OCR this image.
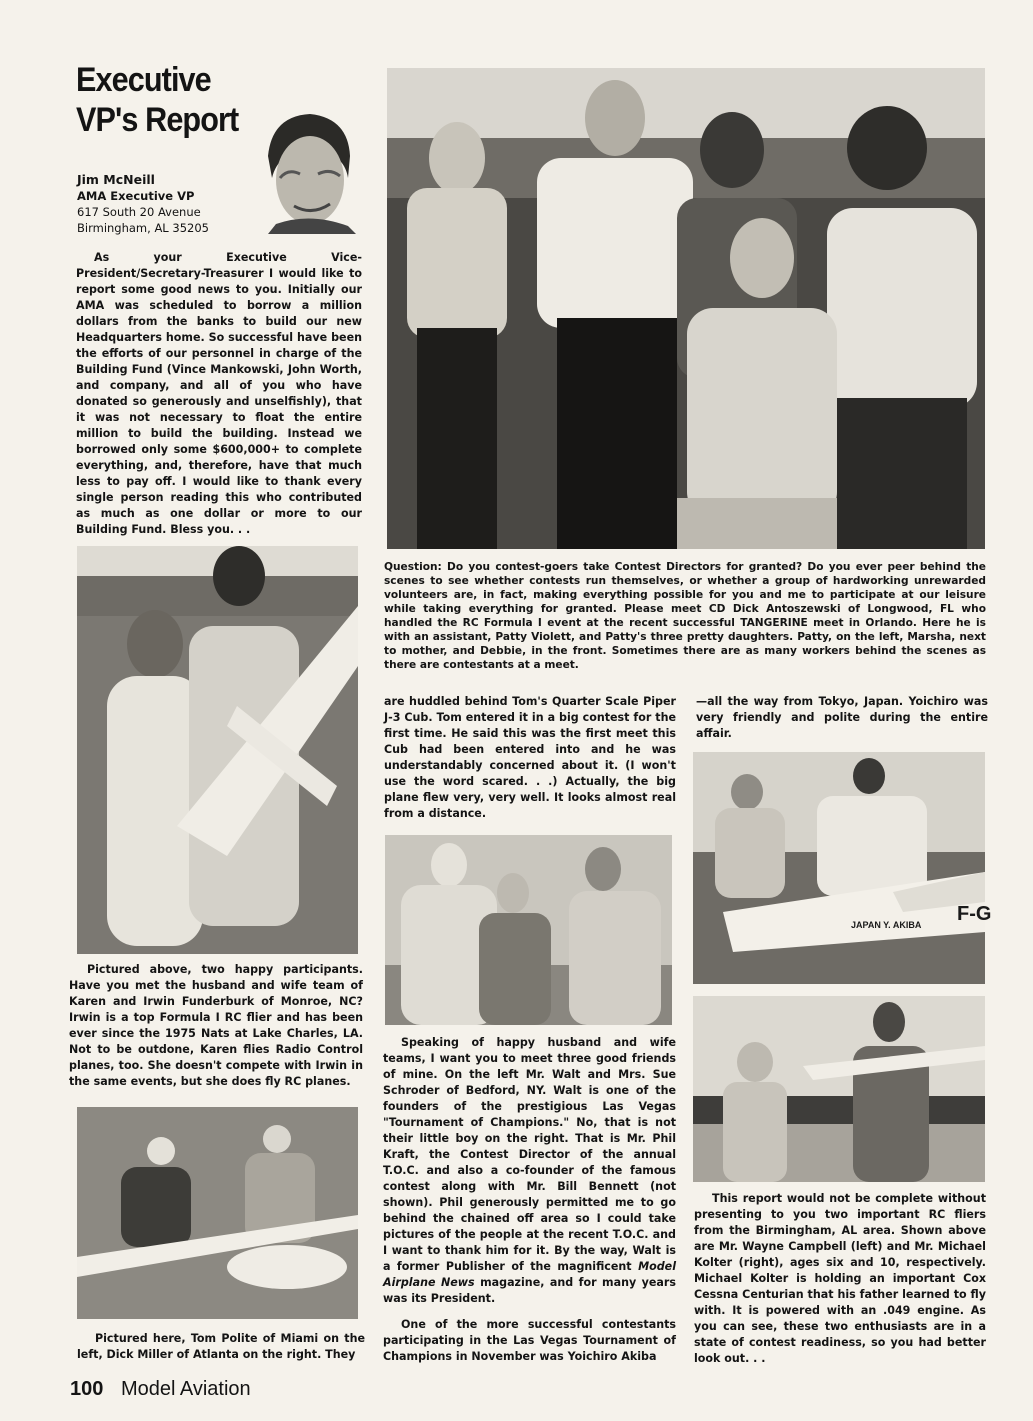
Executive VP's Report
Jim McNeill
AMA Executive VP
617 South 20 Avenue
Birmingham, AL 35205
As your Executive Vice-President/Secretary-Treasurer I would like to report some good news to you. Initially our AMA was scheduled to borrow a million dollars from the banks to build our new Headquarters home. So successful have been the efforts of our personnel in charge of the Building Fund (Vince Mankowski, John Worth, and company, and all of you who have donated so generously and unselfishly), that it was not necessary to float the entire million to build the building. Instead we borrowed only some $600,000+ to complete everything, and, therefore, have that much less to pay off. I would like to thank every single person reading this who contributed as much as one dollar or more to our Building Fund. Bless you. . .
Question: Do you contest-goers take Contest Directors for granted? Do you ever peer behind the scenes to see whether contests run themselves, or whether a group of hardworking unrewarded volunteers are, in fact, making everything possible for you and me to participate at our leisure while taking everything for granted. Please meet CD Dick Antoszewski of Longwood, FL who handled the RC Formula I event at the recent successful TANGERINE meet in Orlando. Here he is with an assistant, Patty Violett, and Patty's three pretty daughters. Patty, on the left, Marsha, next to mother, and Debbie, in the front. Sometimes there are as many workers behind the scenes as there are contestants at a meet.
Pictured above, two happy participants. Have you met the husband and wife team of Karen and Irwin Funderburk of Monroe, NC? Irwin is a top Formula I RC flier and has been ever since the 1975 Nats at Lake Charles, LA. Not to be outdone, Karen flies Radio Control planes, too. She doesn't compete with Irwin in the same events, but she does fly RC planes.
Pictured here, Tom Polite of Miami on the left, Dick Miller of Atlanta on the right. They
are huddled behind Tom's Quarter Scale Piper J-3 Cub. Tom entered it in a big contest for the first time. He said this was the first meet this Cub had been entered into and he was understandably concerned about it. (I won't use the word scared. . .) Actually, the big plane flew very, very well. It looks almost real from a distance.
Speaking of happy husband and wife teams, I want you to meet three good friends of mine. On the left Mr. Walt and Mrs. Sue Schroder of Bedford, NY. Walt is one of the founders of the prestigious Las Vegas "Tournament of Champions." No, that is not their little boy on the right. That is Mr. Phil Kraft, the Contest Director of the annual T.O.C. and also a co-founder of the famous contest along with Mr. Bill Bennett (not shown). Phil generously permitted me to go behind the chained off area so I could take pictures of the people at the recent T.O.C. and I want to thank him for it. By the way, Walt is a former Publisher of the magnificent Model Airplane News magazine, and for many years was its President.
One of the more successful contestants participating in the Las Vegas Tournament of Champions in November was Yoichiro Akiba
—all the way from Tokyo, Japan. Yoichiro was very friendly and polite during the entire affair.
JAPAN Y. AKIBA F-G
This report would not be complete without presenting to you two important RC fliers from the Birmingham, AL area. Shown above are Mr. Wayne Campbell (left) and Mr. Michael Kolter (right), ages six and 10, respectively. Michael Kolter is holding an important Cox Cessna Centurian that his father learned to fly with. It is powered with an .049 engine. As you can see, these two enthusiasts are in a state of contest readiness, so you had better look out. . .
100 Model Aviation
